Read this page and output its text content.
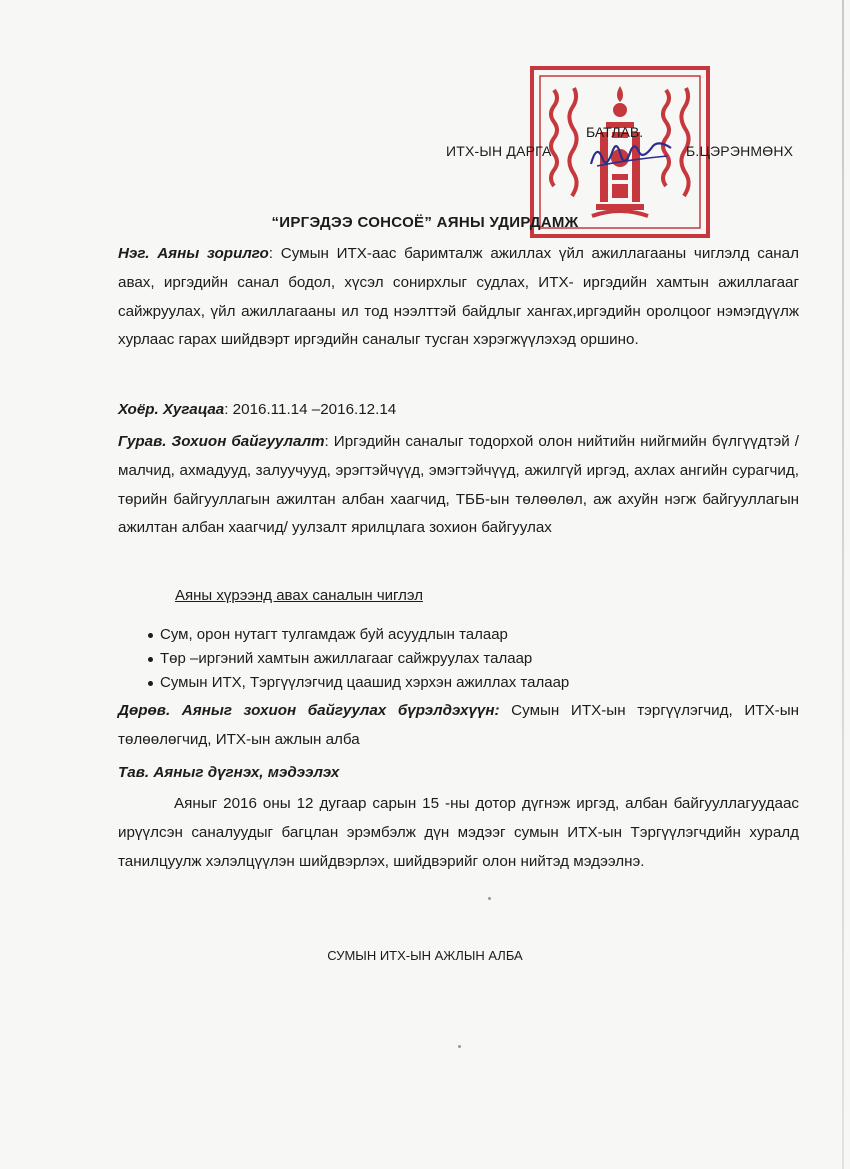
БАТЛАВ.
ИТХ-ЫН ДАРГА	Б.ЦЭРЭНМӨНХ
“ИРГЭДЭЭ СОНСОЁ” АЯНЫ УДИРДАМЖ
Нэг. Аяны зорилго: Сумын ИТХ-аас баримталж ажиллах үйл ажиллагааны чиглэлд санал авах, иргэдийн санал бодол, хүсэл сонирхлыг судлах, ИТХ- иргэдийн хамтын ажиллагааг сайжруулах, үйл ажиллагааны ил тод нээлттэй байдлыг хангах,иргэдийн оролцоог нэмэгдүүлж хурлаас гарах шийдвэрт иргэдийн саналыг тусган хэрэгжүүлэхэд оршино.
Хоёр. Хугацаа: 2016.11.14 –2016.12.14
Гурав. Зохион байгуулалт: Иргэдийн саналыг тодорхой олон нийтийн нийгмийн бүлгүүдтэй /малчид, ахмадууд, залуучууд, эрэгтэйчүүд, эмэгтэйчүүд, ажилгүй иргэд, ахлах ангийн сурагчид, төрийн байгууллагын ажилтан албан хаагчид, ТББ-ын төлөөлөл, аж ахуйн нэгж байгууллагын ажилтан албан хаагчид/ уулзалт ярилцлага зохион байгуулах
Аяны хүрээнд авах саналын чиглэл
Сум, орон нутагт тулгамдаж буй асуудлын талаар
Төр –иргэний хамтын ажиллагааг сайжруулах талаар
Сумын ИТХ, Тэргүүлэгчид цаашид хэрхэн ажиллах талаар
Дөрөв. Аяныг зохион байгуулах бүрэлдэхүүн: Сумын ИТХ-ын тэргүүлэгчид, ИТХ-ын төлөөлөгчид, ИТХ-ын ажлын алба
Тав. Аяныг дүгнэх, мэдээлэх
Аяныг 2016 оны 12 дугаар сарын 15 -ны дотор дүгнэж иргэд, албан байгууллагуудаас ирүүлсэн саналуудыг багцлан эрэмбэлж дүн мэдээг сумын ИТХ-ын Тэргүүлэгчдийн хуралд танилцуулж хэлэлцүүлэн шийдвэрлэх, шийдвэрийг олон нийтэд мэдээлнэ.
СУМЫН ИТХ-ЫН АЖЛЫН АЛБА
